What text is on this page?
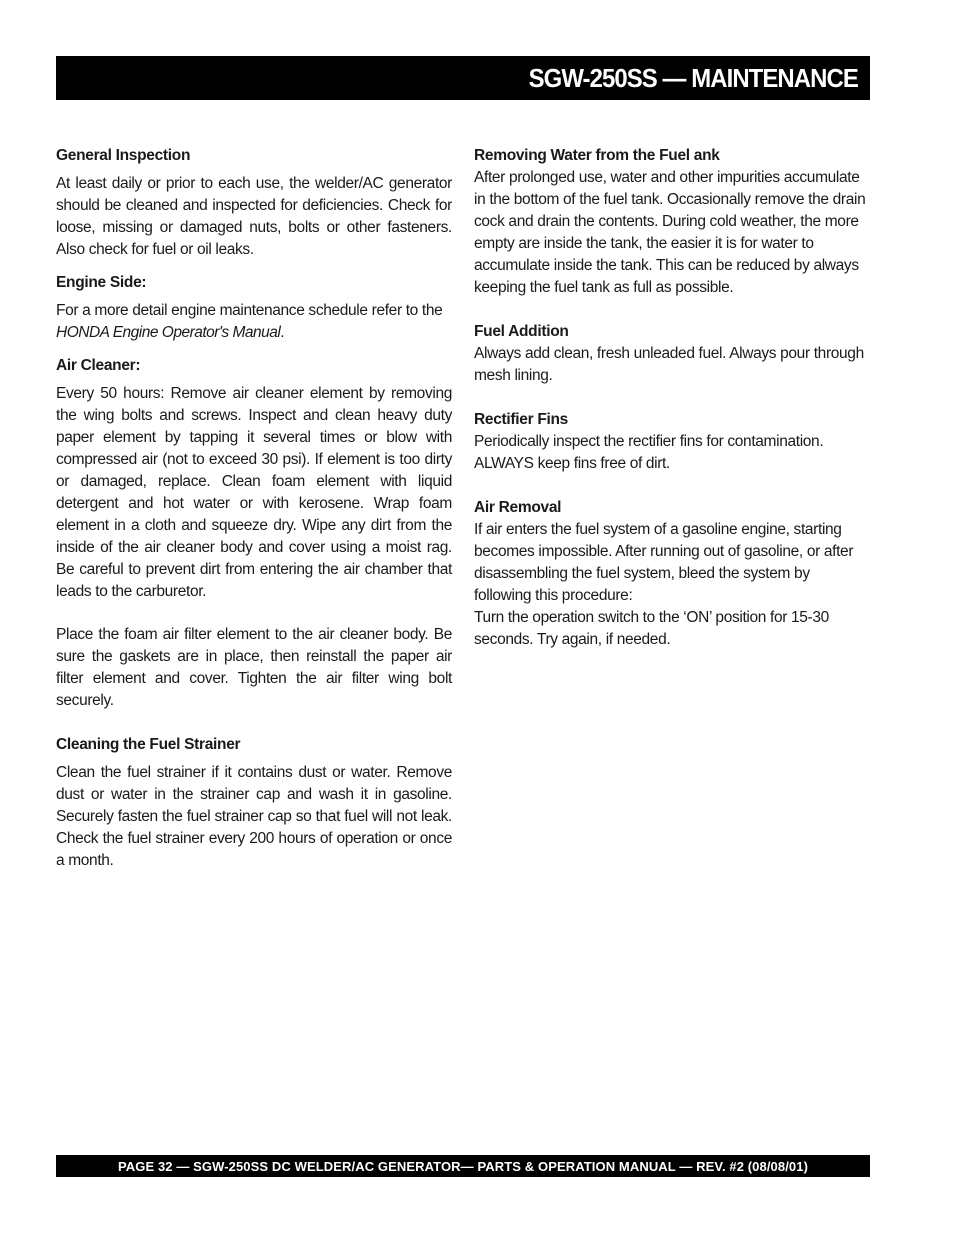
SGW-250SS — MAINTENANCE
General Inspection
At least daily or prior to each use, the welder/AC generator should be cleaned and inspected for deficiencies. Check for loose, missing or damaged nuts, bolts or other fasteners. Also check for fuel or oil leaks.
Engine Side:
For a more detail engine maintenance schedule refer to the HONDA Engine Operator's Manual.
Air Cleaner:
Every 50 hours: Remove air cleaner element by removing the wing bolts and screws. Inspect and clean heavy duty paper element by tapping it several times or blow with compressed air (not to exceed 30 psi). If element is too dirty or damaged, replace. Clean foam element with liquid detergent and hot water or with kerosene. Wrap foam element in a cloth and squeeze dry. Wipe any dirt from the inside of the air cleaner body and cover using a moist rag. Be careful to prevent dirt from entering the air chamber that leads to the carburetor.
Place the foam air filter element to the air cleaner body. Be sure the gaskets are in place, then reinstall the paper air filter element and cover. Tighten the air filter wing bolt securely.
Cleaning the Fuel Strainer
Clean the fuel strainer if it contains dust or water. Remove dust or water in the strainer cap and wash it in gasoline. Securely fasten the fuel strainer cap so that fuel will not leak. Check the fuel strainer every 200 hours of operation or once a month.
Removing Water from the Fuel ank
After prolonged use, water and other impurities accumulate in the bottom of the fuel tank. Occasionally remove the drain cock and drain the contents. During cold weather, the more empty are inside the tank, the easier it is for water to accumulate inside the tank. This can be reduced by always keeping the fuel tank as full as possible.
Fuel Addition
Always add clean, fresh unleaded fuel. Always pour through mesh lining.
Rectifier Fins
Periodically inspect the rectifier fins for contamination. ALWAYS keep fins free of dirt.
Air Removal
If air enters the fuel system of a gasoline engine, starting becomes impossible. After running out of gasoline, or after disassembling the fuel system, bleed the system by following this procedure:
Turn the operation switch to the ‘ON’ position for 15-30 seconds. Try again, if needed.
PAGE 32 — SGW-250SS DC WELDER/AC GENERATOR— PARTS & OPERATION MANUAL — REV. #2 (08/08/01)
